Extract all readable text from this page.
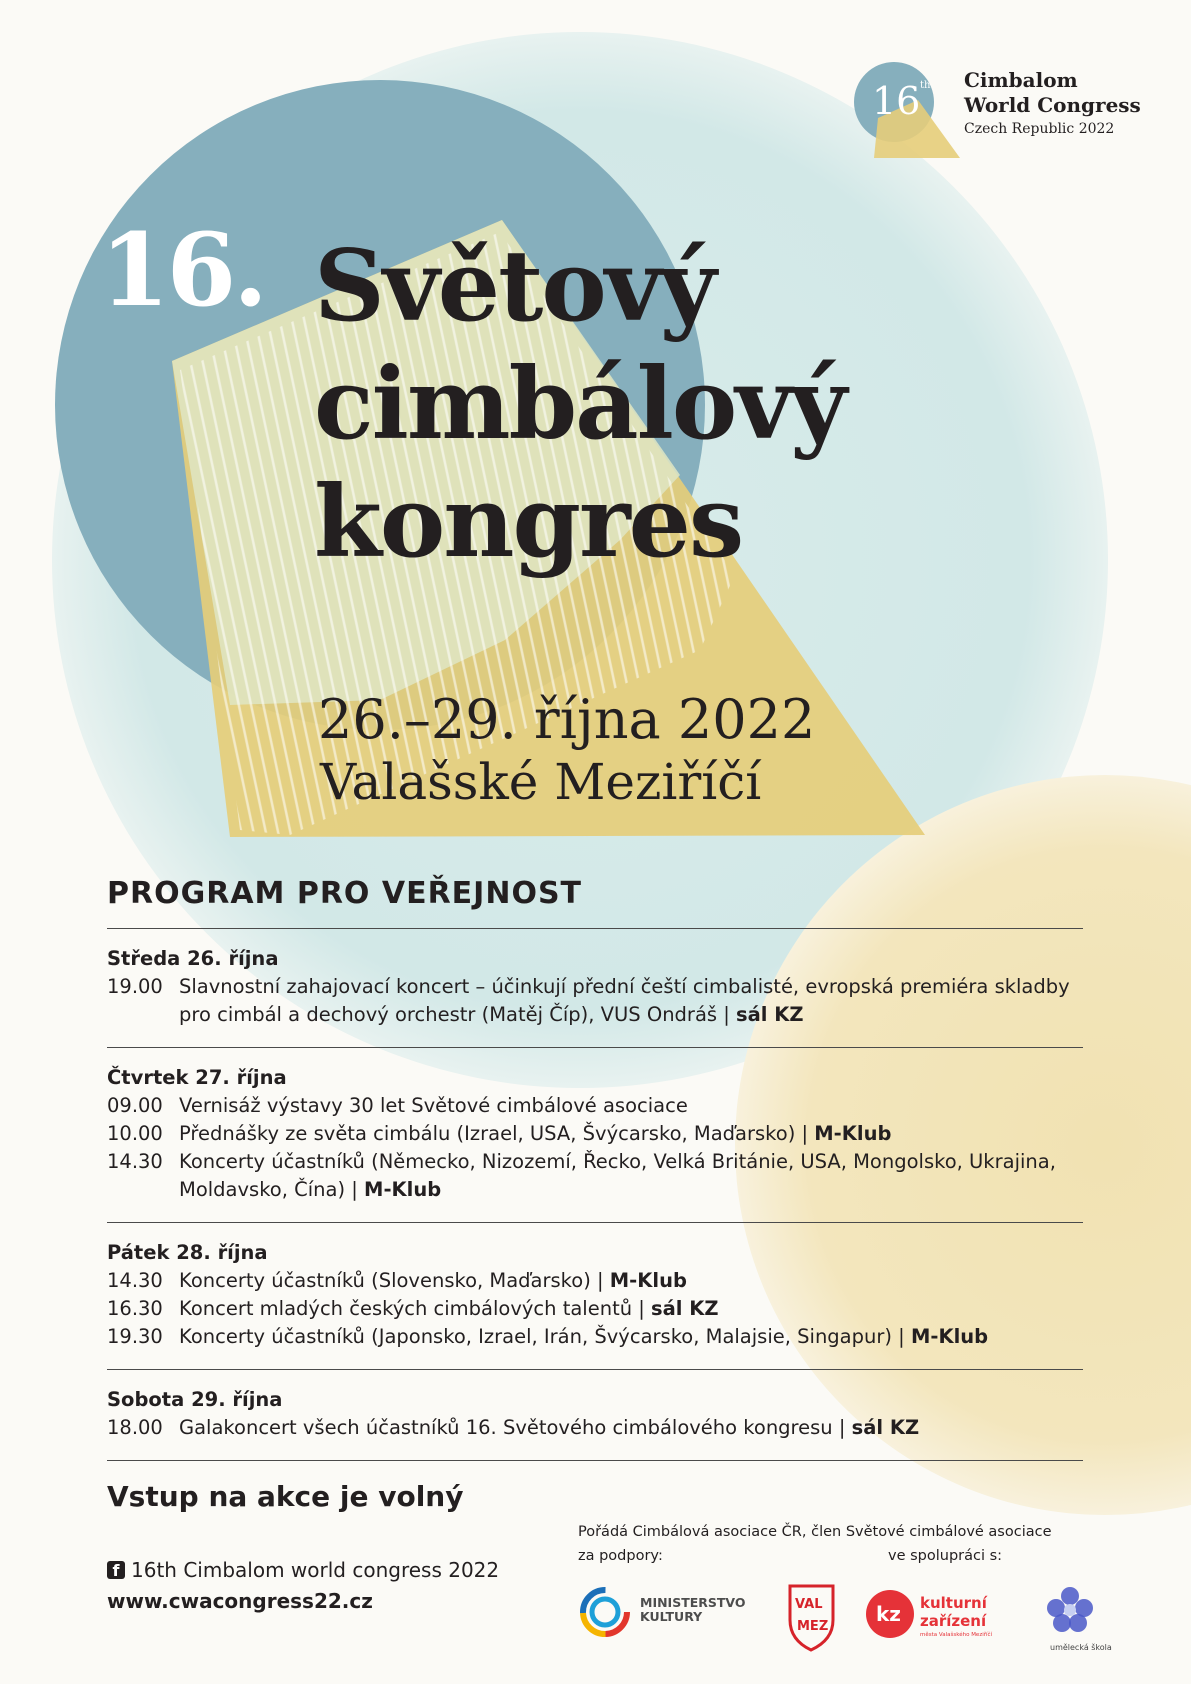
16 th Cimbalom
World Congress
Czech Republic 2022
16. Světový
cimbálový
kongres
26.–29. října 2022
Valašské Meziříčí
PROGRAM PRO VEŘEJNOST
Středa 26. října
19.00 Slavnostní zahajovací koncert – účinkují přední čeští cimbalisté, evropská premiéra skladby pro cimbál a dechový orchestr (Matěj Číp), VUS Ondráš | sál KZ
Čtvrtek 27. října
09.00 Vernisáž výstavy 30 let Světové cimbálové asociace
10.00 Přednášky ze světa cimbálu (Izrael, USA, Švýcarsko, Maďarsko) | M-Klub
14.30 Koncerty účastníků (Německo, Nizozemí, Řecko, Velká Británie, USA, Mongolsko, Ukrajina, Moldavsko, Čína) | M-Klub
Pátek 28. října
14.30 Koncerty účastníků (Slovensko, Maďarsko) | M-Klub
16.30 Koncert mladých českých cimbálových talentů | sál KZ
19.30 Koncerty účastníků (Japonsko, Izrael, Irán, Švýcarsko, Malajsie, Singapur) | M-Klub
Sobota 29. října
18.00 Galakoncert všech účastníků 16. Světového cimbálového kongresu | sál KZ
Vstup na akce je volný
f 16th Cimbalom world congress 2022
www.cwacongress22.cz
Pořádá Cimbálová asociace ČR, člen Světové cimbálové asociace
za podpory:	ve spolupráci s:
MINISTERSTVO
KULTURY
VAL
MEZ
kz kulturní
zařízení
města Valašského Meziříčí
umělecká škola
